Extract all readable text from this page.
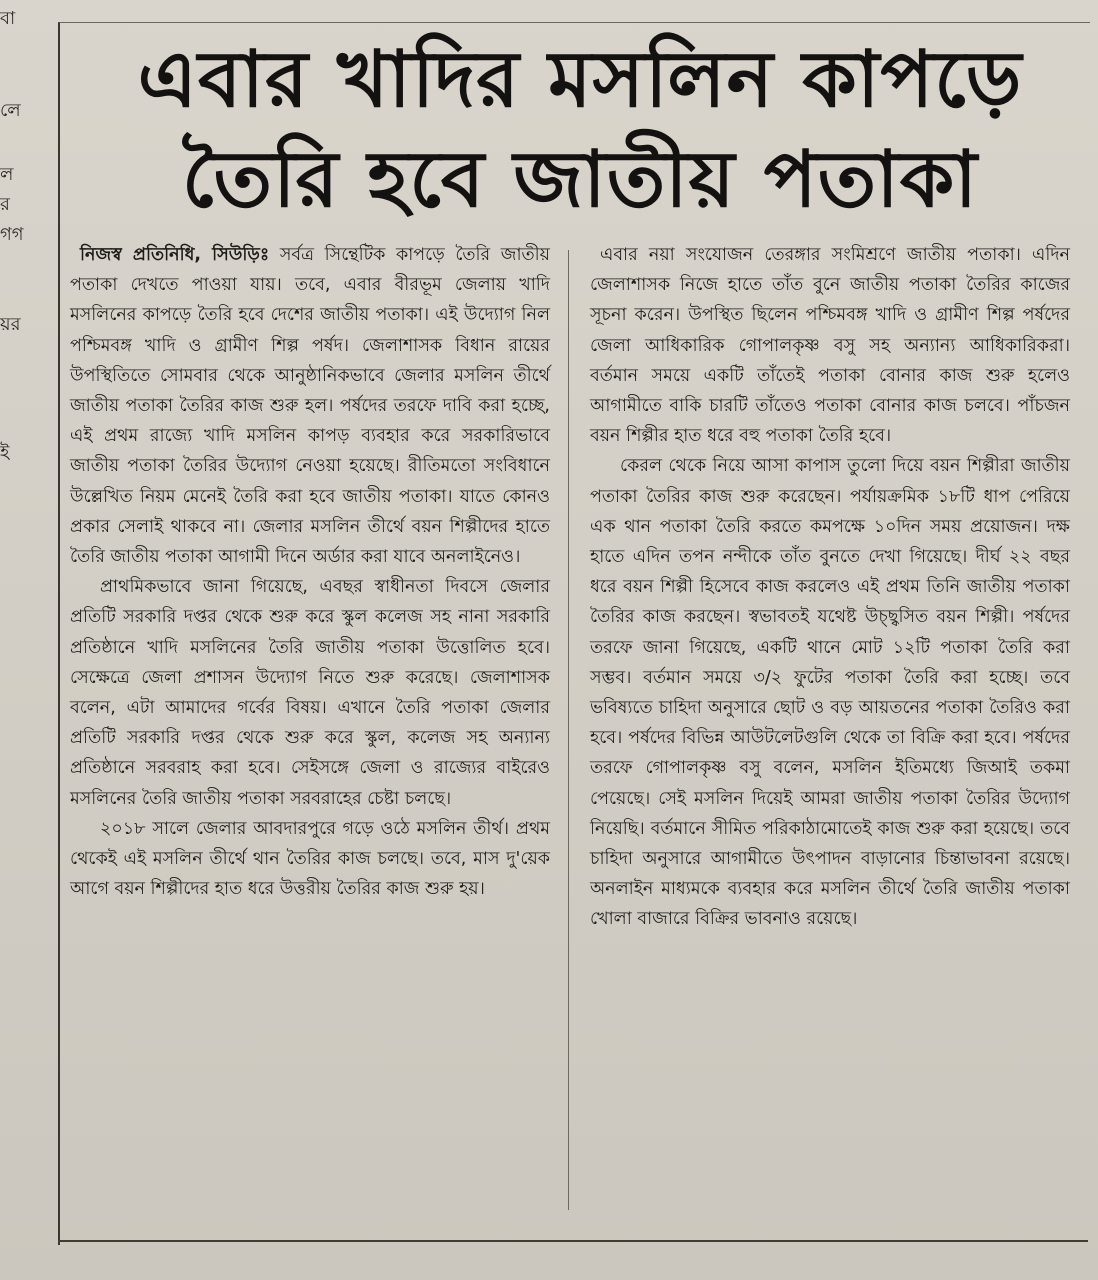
বা
লে
ল
র
গগ
য়র
ই
এবার খাদির মসলিন কাপড়ে
তৈরি হবে জাতীয় পতাকা

নিজস্ব প্রতিনিধি, সিউড়িঃ সর্বত্র সিন্থেটিক কাপড়ে তৈরি জাতীয় পতাকা দেখতে পাওয়া যায়। তবে, এবার বীরভূম জেলায় খাদি মসলিনের কাপড়ে তৈরি হবে দেশের জাতীয় পতাকা। এই উদ্যোগ নিল পশ্চিমবঙ্গ খাদি ও গ্রামীণ শিল্প পর্ষদ। জেলাশাসক বিধান রায়ের উপস্থিতিতে সোমবার থেকে আনুষ্ঠানিকভাবে জেলার মসলিন তীর্থে জাতীয় পতাকা তৈরির কাজ শুরু হল। পর্ষদের তরফে দাবি করা হচ্ছে, এই প্রথম রাজ্যে খাদি মসলিন কাপড় ব্যবহার করে সরকারিভাবে জাতীয় পতাকা তৈরির উদ্যোগ নেওয়া হয়েছে। রীতিমতো সংবিধানে উল্লেখিত নিয়ম মেনেই তৈরি করা হবে জাতীয় পতাকা। যাতে কোনও প্রকার সেলাই থাকবে না। জেলার মসলিন তীর্থে বয়ন শিল্পীদের হাতে তৈরি জাতীয় পতাকা আগামী দিনে অর্ডার করা যাবে অনলাইনেও।

প্রাথমিকভাবে জানা গিয়েছে, এবছর স্বাধীনতা দিবসে জেলার প্রতিটি সরকারি দপ্তর থেকে শুরু করে স্কুল কলেজ সহ নানা সরকারি প্রতিষ্ঠানে খাদি মসলিনের তৈরি জাতীয় পতাকা উত্তোলিত হবে। সেক্ষেত্রে জেলা প্রশাসন উদ্যোগ নিতে শুরু করেছে। জেলাশাসক বলেন, এটা আমাদের গর্বের বিষয়। এখানে তৈরি পতাকা জেলার প্রতিটি সরকারি দপ্তর থেকে শুরু করে স্কুল, কলেজ সহ অন্যান্য প্রতিষ্ঠানে সরবরাহ করা হবে। সেইসঙ্গে জেলা ও রাজ্যের বাইরেও মসলিনের তৈরি জাতীয় পতাকা সরবরাহের চেষ্টা চলছে।

২০১৮ সালে জেলার আবদারপুরে গড়ে ওঠে মসলিন তীর্থ। প্রথম থেকেই এই মসলিন তীর্থে থান তৈরির কাজ চলছে। তবে, মাস দু'য়েক আগে বয়ন শিল্পীদের হাত ধরে উত্তরীয় তৈরির কাজ শুরু হয়।

এবার নয়া সংযোজন তেরঙ্গার সংমিশ্রণে জাতীয় পতাকা। এদিন জেলাশাসক নিজে হাতে তাঁত বুনে জাতীয় পতাকা তৈরির কাজের সূচনা করেন। উপস্থিত ছিলেন পশ্চিমবঙ্গ খাদি ও গ্রামীণ শিল্প পর্ষদের জেলা আধিকারিক গোপালকৃষ্ণ বসু সহ অন্যান্য আধিকারিকরা। বর্তমান সময়ে একটি তাঁতেই পতাকা বোনার কাজ শুরু হলেও আগামীতে বাকি চারটি তাঁতেও পতাকা বোনার কাজ চলবে। পাঁচজন বয়ন শিল্পীর হাত ধরে বহু পতাকা তৈরি হবে।

কেরল থেকে নিয়ে আসা কাপাস তুলো দিয়ে বয়ন শিল্পীরা জাতীয় পতাকা তৈরির কাজ শুরু করেছেন। পর্যায়ক্রমিক ১৮টি ধাপ পেরিয়ে এক থান পতাকা তৈরি করতে কমপক্ষে ১০দিন সময় প্রয়োজন। দক্ষ হাতে এদিন তপন নন্দীকে তাঁত বুনতে দেখা গিয়েছে। দীর্ঘ ২২ বছর ধরে বয়ন শিল্পী হিসেবে কাজ করলেও এই প্রথম তিনি জাতীয় পতাকা তৈরির কাজ করছেন। স্বভাবতই যথেষ্ট উচ্ছ্বসিত বয়ন শিল্পী। পর্ষদের তরফে জানা গিয়েছে, একটি থানে মোট ১২টি পতাকা তৈরি করা সম্ভব। বর্তমান সময়ে ৩/২ ফুটের পতাকা তৈরি করা হচ্ছে। তবে ভবিষ্যতে চাহিদা অনুসারে ছোট ও বড় আয়তনের পতাকা তৈরিও করা হবে। পর্ষদের বিভিন্ন আউটলেটগুলি থেকে তা বিক্রি করা হবে। পর্ষদের তরফে গোপালকৃষ্ণ বসু বলেন, মসলিন ইতিমধ্যে জিআই তকমা পেয়েছে। সেই মসলিন দিয়েই আমরা জাতীয় পতাকা তৈরির উদ্যোগ নিয়েছি। বর্তমানে সীমিত পরিকাঠামোতেই কাজ শুরু করা হয়েছে। তবে চাহিদা অনুসারে আগামীতে উৎপাদন বাড়ানোর চিন্তাভাবনা রয়েছে। অনলাইন মাধ্যমকে ব্যবহার করে মসলিন তীর্থে তৈরি জাতীয় পতাকা খোলা বাজারে বিক্রির ভাবনাও রয়েছে।
